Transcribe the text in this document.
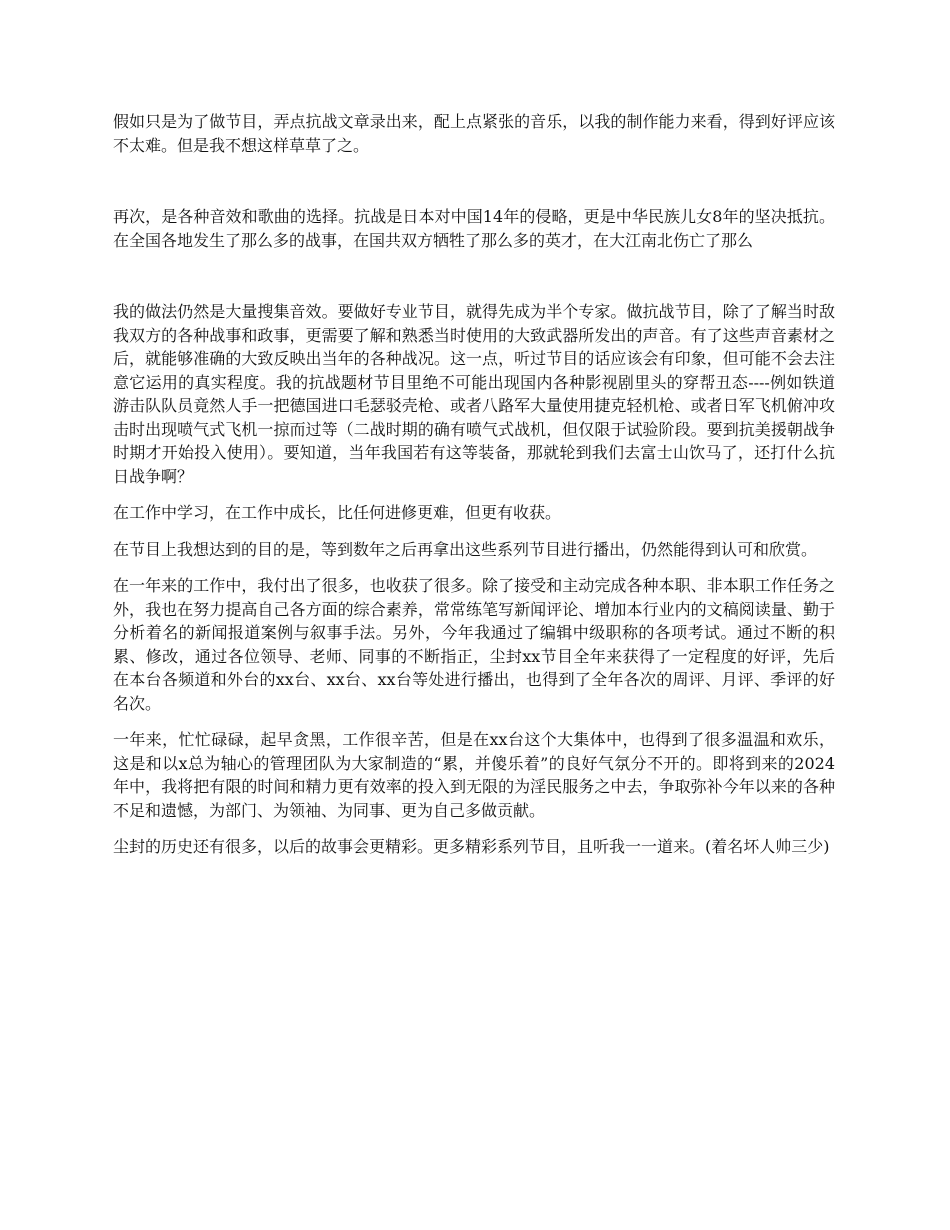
假如只是为了做节目，弄点抗战文章录出来，配上点紧张的音乐，以我的制作能力来看，得到好评应该不太难。但是我不想这样草草了之。

再次，是各种音效和歌曲的选择。抗战是日本对中国14年的侵略，更是中华民族儿女8年的坚决抵抗。在全国各地发生了那么多的战事，在国共双方牺牲了那么多的英才，在大江南北伤亡了那么

我的做法仍然是大量搜集音效。要做好专业节目，就得先成为半个专家。做抗战节目，除了了解当时敌我双方的各种战事和政事，更需要了解和熟悉当时使用的大致武器所发出的声音。有了这些声音素材之后，就能够准确的大致反映出当年的各种战况。这一点，听过节目的话应该会有印象，但可能不会去注意它运用的真实程度。我的抗战题材节目里绝不可能出现国内各种影视剧里头的穿帮丑态----例如铁道游击队队员竟然人手一把德国进口毛瑟驳壳枪、或者八路军大量使用捷克轻机枪、或者日军飞机俯冲攻击时出现喷气式飞机一掠而过等（二战时期的确有喷气式战机，但仅限于试验阶段。要到抗美援朝战争时期才开始投入使用）。要知道，当年我国若有这等装备，那就轮到我们去富士山饮马了，还打什么抗日战争啊？

在工作中学习，在工作中成长，比任何进修更难，但更有收获。

在节目上我想达到的目的是，等到数年之后再拿出这些系列节目进行播出，仍然能得到认可和欣赏。

在一年来的工作中，我付出了很多，也收获了很多。除了接受和主动完成各种本职、非本职工作任务之外，我也在努力提高自己各方面的综合素养，常常练笔写新闻评论、增加本行业内的文稿阅读量、勤于分析着名的新闻报道案例与叙事手法。另外，今年我通过了编辑中级职称的各项考试。通过不断的积累、修改，通过各位领导、老师、同事的不断指正，尘封xx节目全年来获得了一定程度的好评，先后在本台各频道和外台的xx台、xx台、xx台等处进行播出，也得到了全年各次的周评、月评、季评的好名次。

一年来，忙忙碌碌，起早贪黑，工作很辛苦，但是在xx台这个大集体中，也得到了很多温温和欢乐，这是和以x总为轴心的管理团队为大家制造的“累，并傻乐着”的良好气氛分不开的。即将到来的2024年中，我将把有限的时间和精力更有效率的投入到无限的为淫民服务之中去，争取弥补今年以来的各种不足和遗憾，为部门、为领袖、为同事、更为自己多做贡献。

尘封的历史还有很多，以后的故事会更精彩。更多精彩系列节目，且听我一一道来。(着名坏人帅三少)
